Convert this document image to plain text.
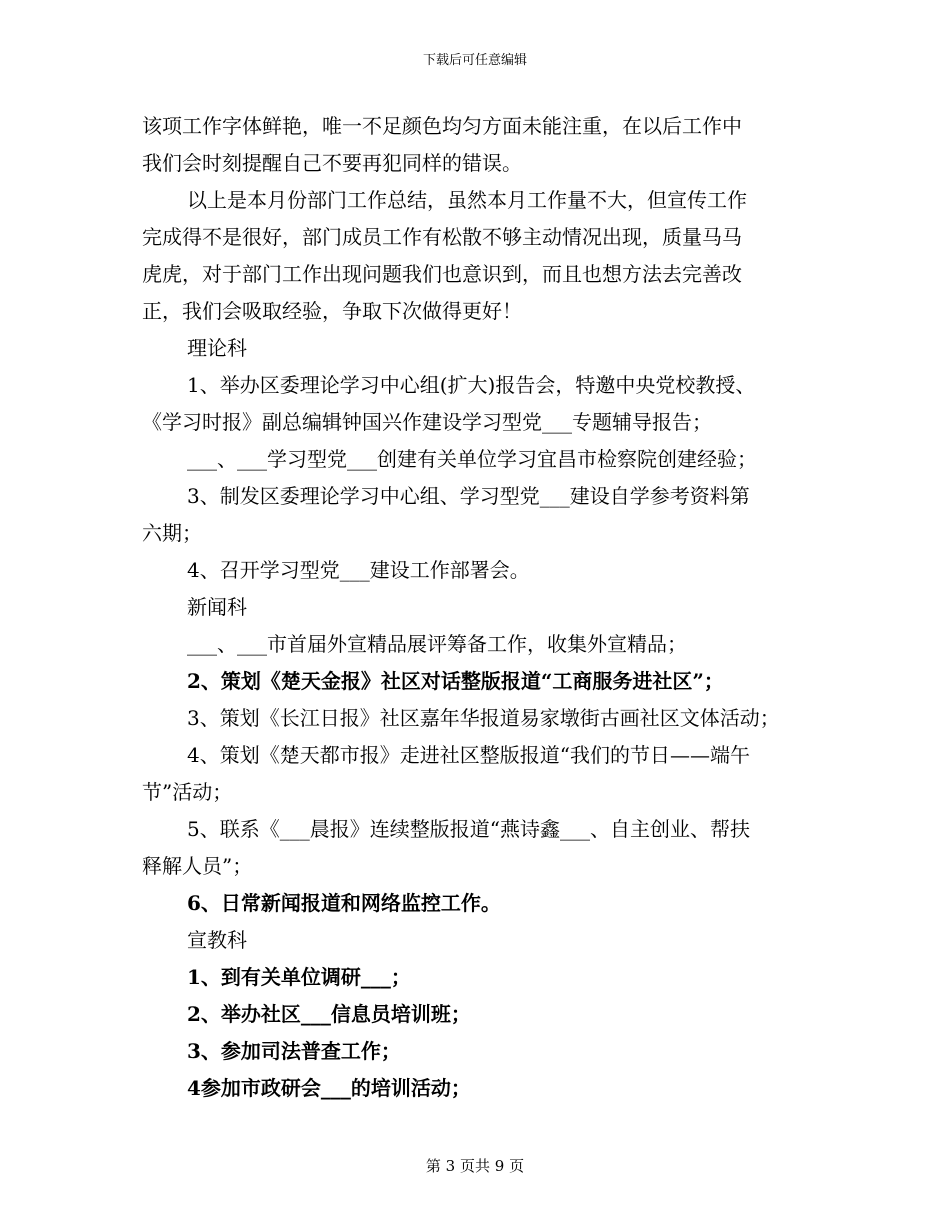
下载后可任意编辑

该项工作字体鲜艳，唯一不足颜色均匀方面未能注重，在以后工作中

我们会时刻提醒自己不要再犯同样的错误。

以上是本月份部门工作总结，虽然本月工作量不大，但宣传工作

完成得不是很好，部门成员工作有松散不够主动情况出现，质量马马

虎虎，对于部门工作出现问题我们也意识到，而且也想方法去完善改

正，我们会吸取经验，争取下次做得更好！

理论科

1、举办区委理论学习中心组(扩大)报告会，特邀中央党校教授、

《学习时报》副总编辑钟国兴作建设学习型党___专题辅导报告；

___、___学习型党___创建有关单位学习宜昌市检察院创建经验；

3、制发区委理论学习中心组、学习型党___建设自学参考资料第

六期；

4、召开学习型党___建设工作部署会。

新闻科

___、___市首届外宣精品展评筹备工作，收集外宣精品；

2、策划《楚天金报》社区对话整版报道“工商服务进社区”；

3、策划《长江日报》社区嘉年华报道易家墩街古画社区文体活动；

4、策划《楚天都市报》走进社区整版报道“我们的节日——端午

节”活动；

5、联系《___晨报》连续整版报道“燕诗鑫___、自主创业、帮扶

释解人员”；

6、日常新闻报道和网络监控工作。

宣教科

1、到有关单位调研___；

2、举办社区___信息员培训班；

3、参加司法普查工作；

4参加市政研会___的培训活动；

第 3 页共 9 页
